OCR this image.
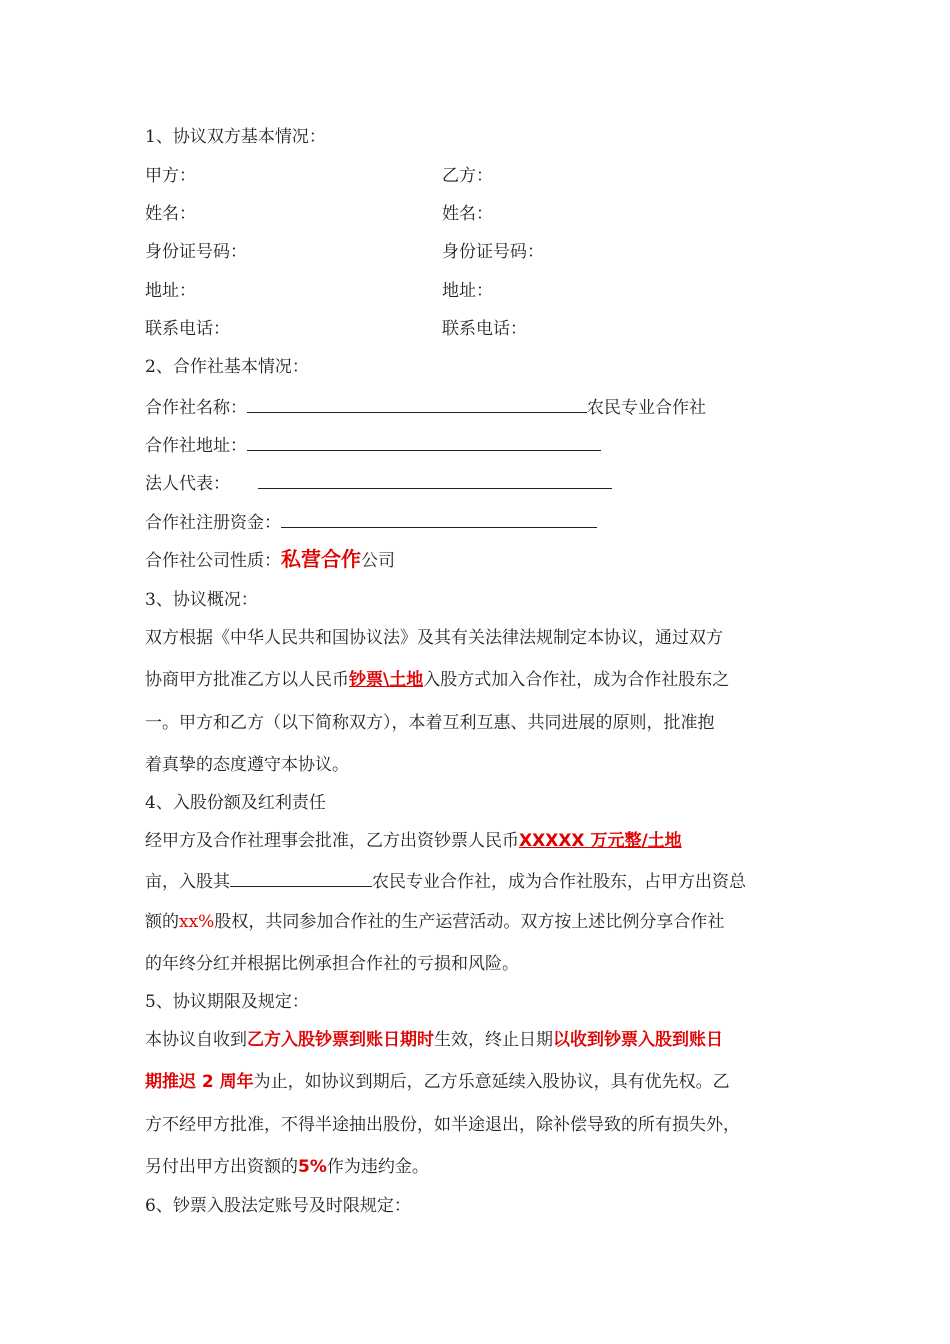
1、协议双方基本情况：
甲方：	乙方：
姓名：	姓名：
身份证号码：	身份证号码：
地址：	地址：
联系电话：	联系电话：
2、合作社基本情况：
合作社名称：	农民专业合作社
合作社地址：
法人代表：
合作社注册资金：
合作社公司性质：私营合作公司
3、协议概况：
双方根据《中华人民共和国协议法》及其有关法律法规制定本协议，通过双方
协商甲方批准乙方以人民币钞票\土地入股方式加入合作社，成为合作社股东之
一。甲方和乙方（以下简称双方），本着互利互惠、共同进展的原则，批准抱
着真挚的态度遵守本协议。
4、入股份额及红利责任
经甲方及合作社理事会批准，乙方出资钞票人民币XXXXX 万元整/土地
亩，入股其	农民专业合作社，成为合作社股东，占甲方出资总
额的xx%股权，共同参加合作社的生产运营活动。双方按上述比例分享合作社
的年终分红并根据比例承担合作社的亏损和风险。
5、协议期限及规定：
本协议自收到乙方入股钞票到账日期时生效，终止日期以收到钞票入股到账日
期推迟 2 周年为止，如协议到期后，乙方乐意延续入股协议，具有优先权。乙
方不经甲方批准，不得半途抽出股份，如半途退出，除补偿导致的所有损失外，
另付出甲方出资额的5%作为违约金。
6、钞票入股法定账号及时限规定：
